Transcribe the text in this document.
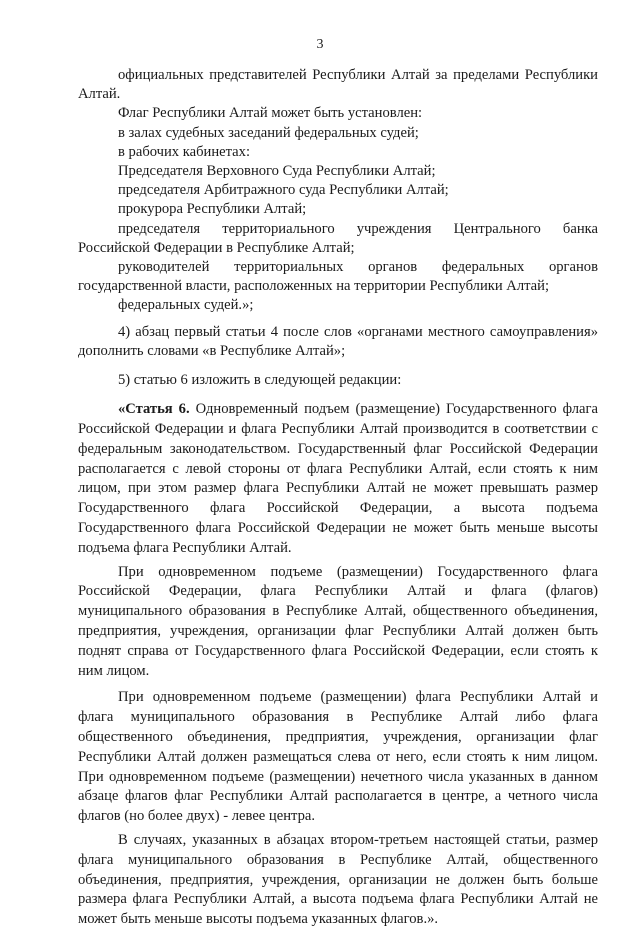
3

официальных представителей Республики Алтай за пределами Республики Алтай.

Флаг Республики Алтай может быть установлен:

в залах судебных заседаний федеральных судей;

в рабочих кабинетах:

Председателя Верховного Суда Республики Алтай;

председателя Арбитражного суда Республики Алтай;

прокурора Республики Алтай;

председателя территориального учреждения Центрального банка Российской Федерации в Республике Алтай;

руководителей территориальных органов федеральных органов государственной власти, расположенных на территории Республики Алтай;

федеральных судей.»;

4) абзац первый статьи 4 после слов «органами местного самоуправления» дополнить словами «в Республике Алтай»;

5) статью 6 изложить в следующей редакции:

«Статья 6. Одновременный подъем (размещение) Государственного флага Российской Федерации и флага Республики Алтай производится в соответствии с федеральным законодательством. Государственный флаг Российской Федерации располагается с левой стороны от флага Республики Алтай, если стоять к ним лицом, при этом размер флага Республики Алтай не может превышать размер Государственного флага Российской Федерации, а высота подъема Государственного флага Российской Федерации не может быть меньше высоты подъема флага Республики Алтай.

При одновременном подъеме (размещении) Государственного флага Российской Федерации, флага Республики Алтай и флага (флагов) муниципального образования в Республике Алтай, общественного объединения, предприятия, учреждения, организации флаг Республики Алтай должен быть поднят справа от Государственного флага Российской Федерации, если стоять к ним лицом.

При одновременном подъеме (размещении) флага Республики Алтай и флага муниципального образования в Республике Алтай либо флага общественного объединения, предприятия, учреждения, организации флаг Республики Алтай должен размещаться слева от него, если стоять к ним лицом. При одновременном подъеме (размещении) нечетного числа указанных в данном абзаце флагов флаг Республики Алтай располагается в центре, а четного числа флагов (но более двух) - левее центра.

В случаях, указанных в абзацах втором-третьем настоящей статьи, размер флага муниципального образования в Республике Алтай, общественного объединения, предприятия, учреждения, организации не должен быть больше размера флага Республики Алтай, а высота подъема флага Республики Алтай не может быть меньше высоты подъема указанных флагов.».
